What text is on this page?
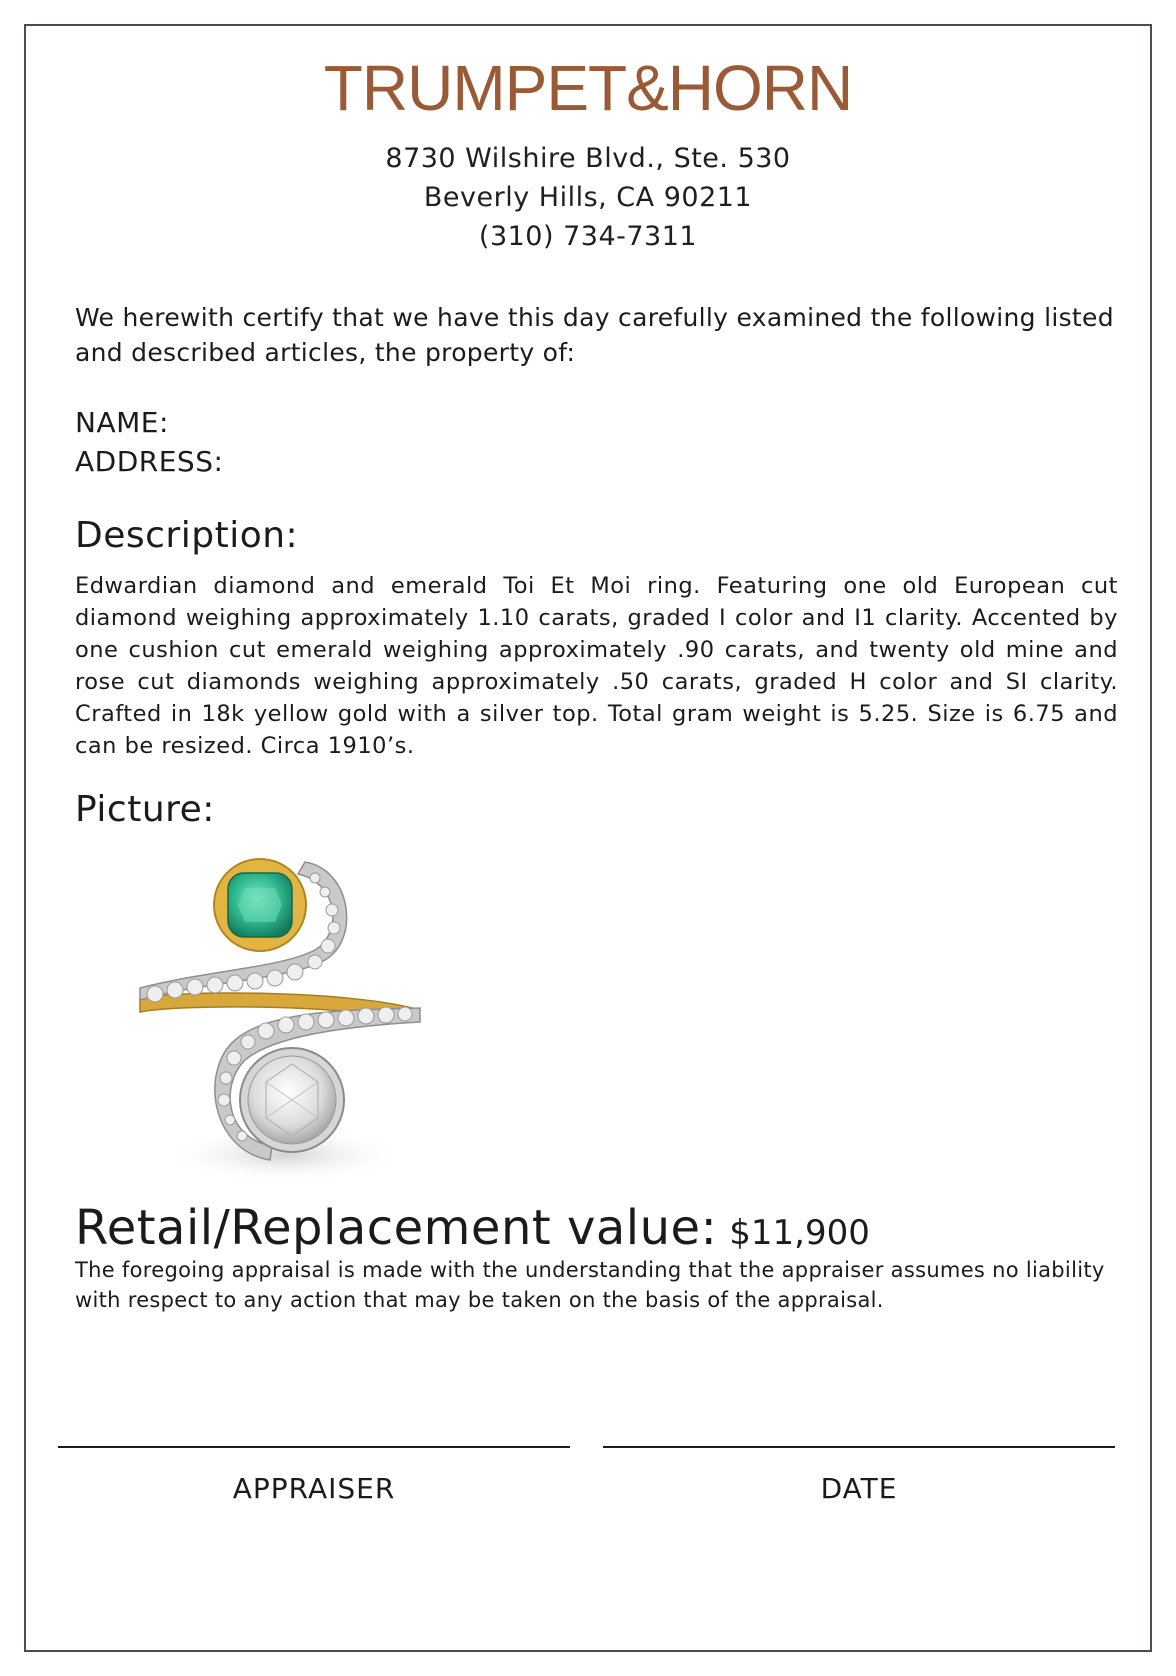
TRUMPET&HORN
8730 Wilshire Blvd., Ste. 530
Beverly Hills, CA 90211
(310) 734-7311
We herewith certify that we have this day carefully examined the following listed and described articles, the property of:
NAME:
ADDRESS:
Description:
Edwardian diamond and emerald Toi Et Moi ring. Featuring one old European cut diamond weighing approximately 1.10 carats, graded I color and I1 clarity. Accented by one cushion cut emerald weighing approximately .90 carats, and twenty old mine and rose cut diamonds weighing approximately .50 carats, graded H color and SI clarity. Crafted in 18k yellow gold with a silver top. Total gram weight is 5.25. Size is 6.75 and can be resized. Circa 1910’s.
Picture:
Retail/Replacement value: $11,900
The foregoing appraisal is made with the understanding that the appraiser assumes no liability with respect to any action that may be taken on the basis of the appraisal.
APPRAISER	DATE
